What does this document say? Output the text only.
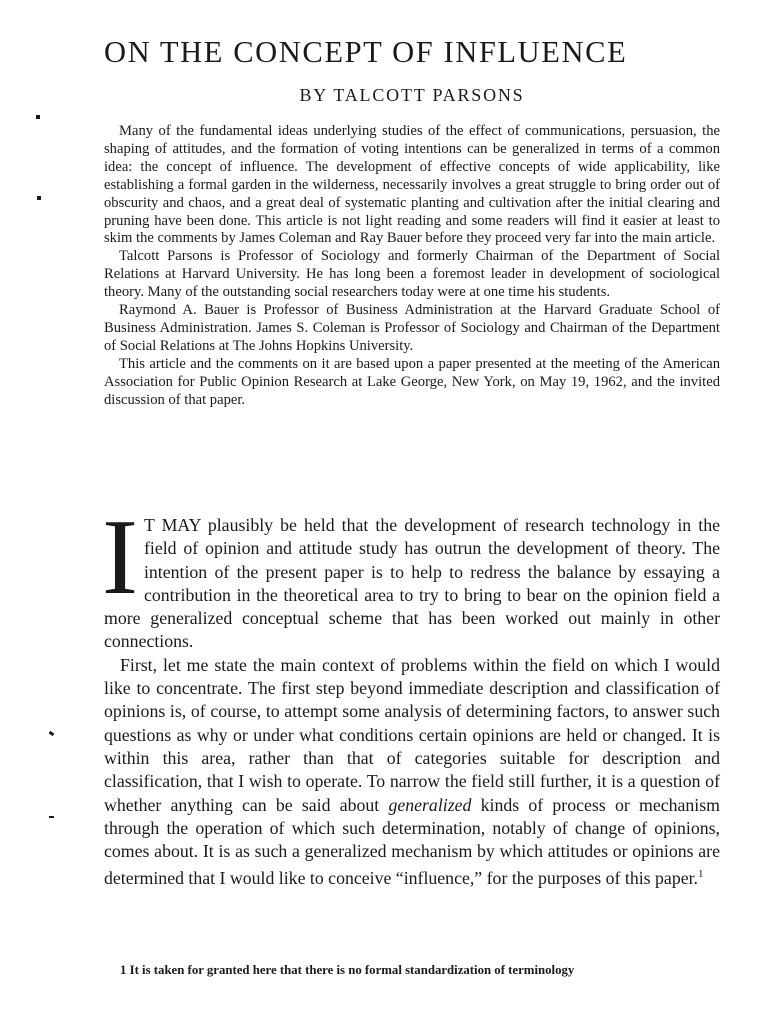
ON THE CONCEPT OF INFLUENCE
BY TALCOTT PARSONS

Many of the fundamental ideas underlying studies of the effect of communications, persuasion, the shaping of attitudes, and the formation of voting intentions can be generalized in terms of a common idea: the concept of influence. The development of effective concepts of wide applicability, like establishing a formal garden in the wilderness, necessarily involves a great struggle to bring order out of obscurity and chaos, and a great deal of systematic planting and cultivation after the initial clearing and pruning have been done. This article is not light reading and some readers will find it easier at least to skim the comments by James Coleman and Ray Bauer before they proceed very far into the main article.

Talcott Parsons is Professor of Sociology and formerly Chairman of the Department of Social Relations at Harvard University. He has long been a foremost leader in development of sociological theory. Many of the outstanding social researchers today were at one time his students.

Raymond A. Bauer is Professor of Business Administration at the Harvard Graduate School of Business Administration. James S. Coleman is Professor of Sociology and Chairman of the Department of Social Relations at The Johns Hopkins University.

This article and the comments on it are based upon a paper presented at the meeting of the American Association for Public Opinion Research at Lake George, New York, on May 19, 1962, and the invited discussion of that paper.

I T MAY plausibly be held that the development of research technology in the field of opinion and attitude study has outrun the development of theory. The intention of the present paper is to help to redress the balance by essaying a contribution in the theoretical area to try to bring to bear on the opinion field a more generalized conceptual scheme that has been worked out mainly in other connections.

First, let me state the main context of problems within the field on which I would like to concentrate. The first step beyond immediate description and classification of opinions is, of course, to attempt some analysis of determining factors, to answer such questions as why or under what conditions certain opinions are held or changed. It is within this area, rather than that of categories suitable for description and classification, that I wish to operate. To narrow the field still further, it is a question of whether anything can be said about generalized kinds of process or mechanism through the operation of which such determination, notably of change of opinions, comes about. It is as such a generalized mechanism by which attitudes or opinions are determined that I would like to conceive “influence,” for the purposes of this paper.$^1$

1 It is taken for granted here that there is no formal standardization of terminology
